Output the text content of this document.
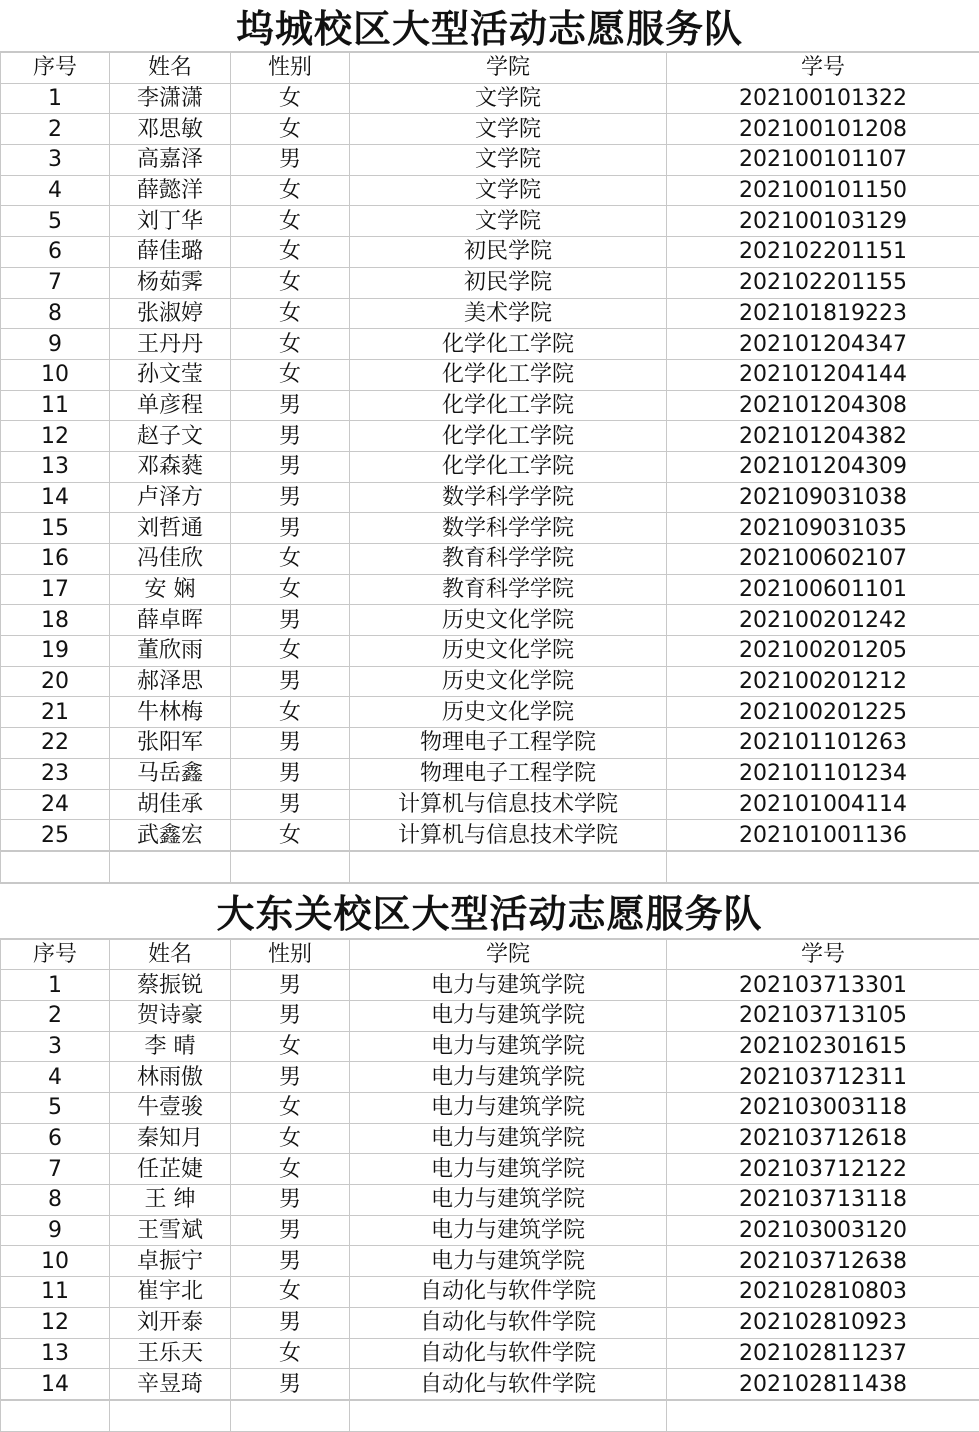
坞城校区大型活动志愿服务队
序号	姓名	性别	学院	学号
1	李潇潇	女	文学院	202100101322
2	邓思敏	女	文学院	202100101208
3	高嘉泽	男	文学院	202100101107
4	薛懿洋	女	文学院	202100101150
5	刘丁华	女	文学院	202100103129
6	薛佳璐	女	初民学院	202102201151
7	杨茹霁	女	初民学院	202102201155
8	张淑婷	女	美术学院	202101819223
9	王丹丹	女	化学化工学院	202101204347
10	孙文莹	女	化学化工学院	202101204144
11	单彦程	男	化学化工学院	202101204308
12	赵子文	男	化学化工学院	202101204382
13	邓森蕤	男	化学化工学院	202101204309
14	卢泽方	男	数学科学学院	202109031038
15	刘哲通	男	数学科学学院	202109031035
16	冯佳欣	女	教育科学学院	202100602107
17	安 娴	女	教育科学学院	202100601101
18	薛卓晖	男	历史文化学院	202100201242
19	董欣雨	女	历史文化学院	202100201205
20	郝泽思	男	历史文化学院	202100201212
21	牛林梅	女	历史文化学院	202100201225
22	张阳军	男	物理电子工程学院	202101101263
23	马岳鑫	男	物理电子工程学院	202101101234
24	胡佳承	男	计算机与信息技术学院	202101004114
25	武鑫宏	女	计算机与信息技术学院	202101001136

大东关校区大型活动志愿服务队
序号	姓名	性别	学院	学号
1	蔡振锐	男	电力与建筑学院	202103713301
2	贺诗豪	男	电力与建筑学院	202103713105
3	李 晴	女	电力与建筑学院	202102301615
4	林雨傲	男	电力与建筑学院	202103712311
5	牛壹骏	女	电力与建筑学院	202103003118
6	秦知月	女	电力与建筑学院	202103712618
7	任芷婕	女	电力与建筑学院	202103712122
8	王 绅	男	电力与建筑学院	202103713118
9	王雪斌	男	电力与建筑学院	202103003120
10	卓振宁	男	电力与建筑学院	202103712638
11	崔宇北	女	自动化与软件学院	202102810803
12	刘开泰	男	自动化与软件学院	202102810923
13	王乐天	女	自动化与软件学院	202102811237
14	辛昱琦	男	自动化与软件学院	202102811438
